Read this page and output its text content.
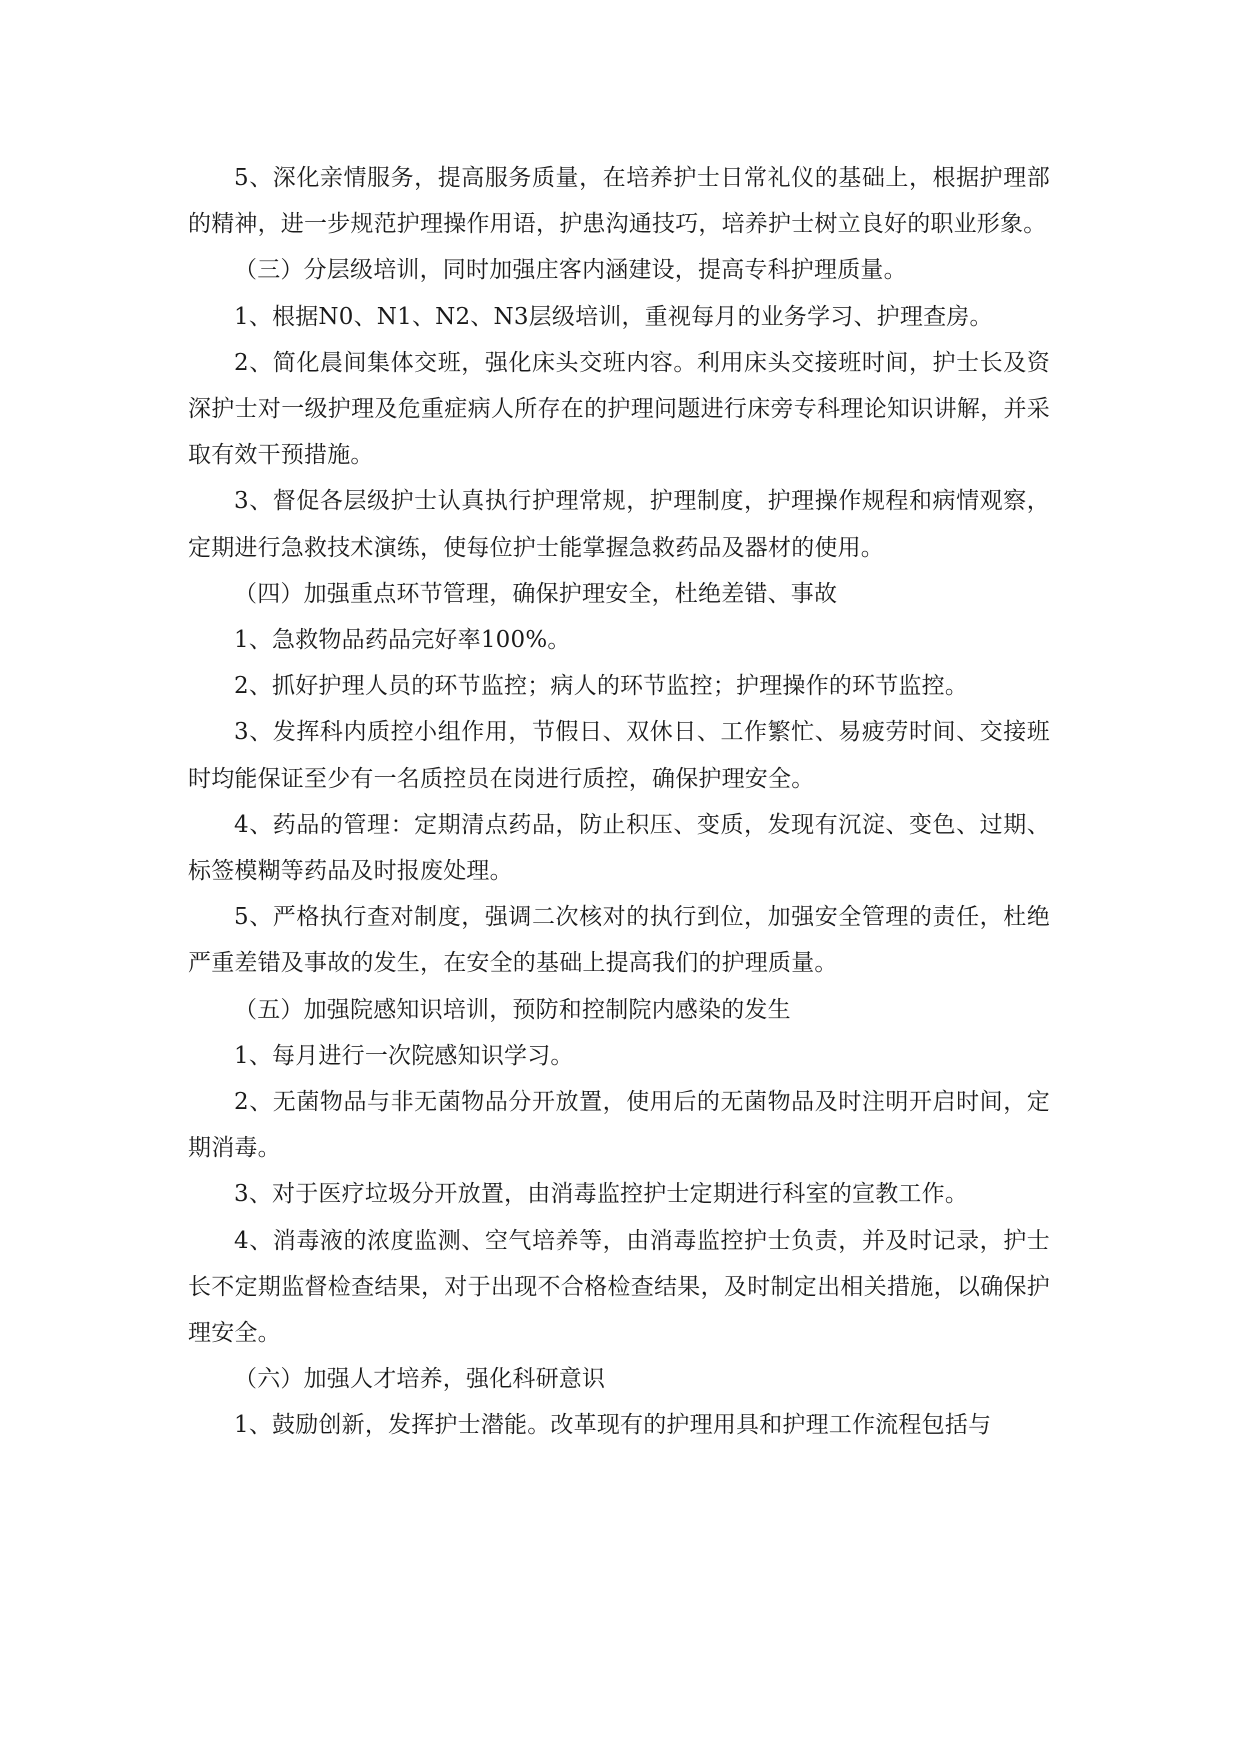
5、深化亲情服务，提高服务质量，在培养护士日常礼仪的基础上，根据护理部的精神，进一步规范护理操作用语，护患沟通技巧，培养护士树立良好的职业形象。

（三）分层级培训，同时加强庄客内涵建设，提高专科护理质量。

1、根据N0、N1、N2、N3层级培训，重视每月的业务学习、护理查房。

2、简化晨间集体交班，强化床头交班内容。利用床头交接班时间，护士长及资深护士对一级护理及危重症病人所存在的护理问题进行床旁专科理论知识讲解，并采取有效干预措施。

3、督促各层级护士认真执行护理常规，护理制度，护理操作规程和病情观察，定期进行急救技术演练，使每位护士能掌握急救药品及器材的使用。

（四）加强重点环节管理，确保护理安全，杜绝差错、事故

1、急救物品药品完好率100%。

2、抓好护理人员的环节监控；病人的环节监控；护理操作的环节监控。

3、发挥科内质控小组作用，节假日、双休日、工作繁忙、易疲劳时间、交接班时均能保证至少有一名质控员在岗进行质控，确保护理安全。

4、药品的管理：定期清点药品，防止积压、变质，发现有沉淀、变色、过期、标签模糊等药品及时报废处理。

5、严格执行查对制度，强调二次核对的执行到位，加强安全管理的责任，杜绝严重差错及事故的发生，在安全的基础上提高我们的护理质量。

（五）加强院感知识培训，预防和控制院内感染的发生

1、每月进行一次院感知识学习。

2、无菌物品与非无菌物品分开放置，使用后的无菌物品及时注明开启时间，定期消毒。

3、对于医疗垃圾分开放置，由消毒监控护士定期进行科室的宣教工作。

4、消毒液的浓度监测、空气培养等，由消毒监控护士负责，并及时记录，护士长不定期监督检查结果，对于出现不合格检查结果，及时制定出相关措施，以确保护理安全。

（六）加强人才培养，强化科研意识

1、鼓励创新，发挥护士潜能。改革现有的护理用具和护理工作流程包括与
